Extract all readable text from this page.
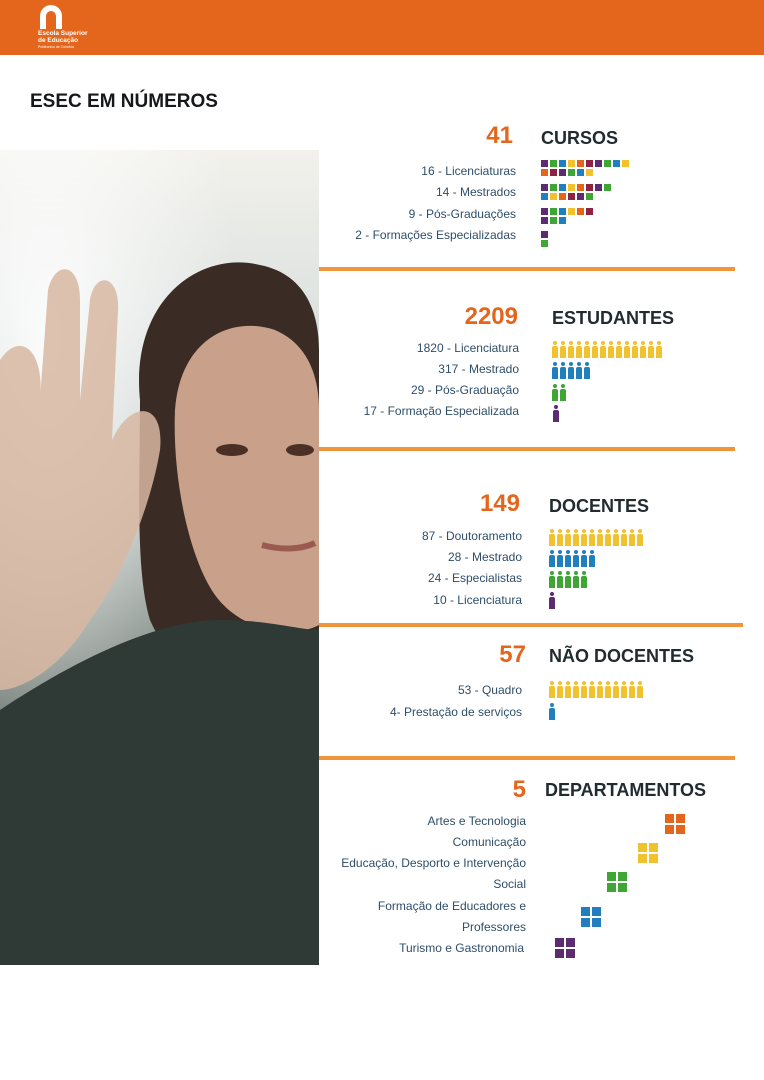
Escola Superior
de Educação
Politécnico de Coimbra
ESEC EM NÚMEROS
41 CURSOS
16 - Licenciaturas
14 - Mestrados
9 - Pós-Graduações
2 - Formações Especializadas
2209 ESTUDANTES
1820 - Licenciatura
317 - Mestrado
29 - Pós-Graduação
17 - Formação Especializada
149 DOCENTES
87 - Doutoramento
28 - Mestrado
24 - Especialistas
10 - Licenciatura
57 NÃO DOCENTES
53 - Quadro
4- Prestação de serviços
5 DEPARTAMENTOS
Artes e Tecnologia
Comunicação
Educação, Desporto e Intervenção
Social
Formação de Educadores e
Professores
Turismo e Gastronomia
